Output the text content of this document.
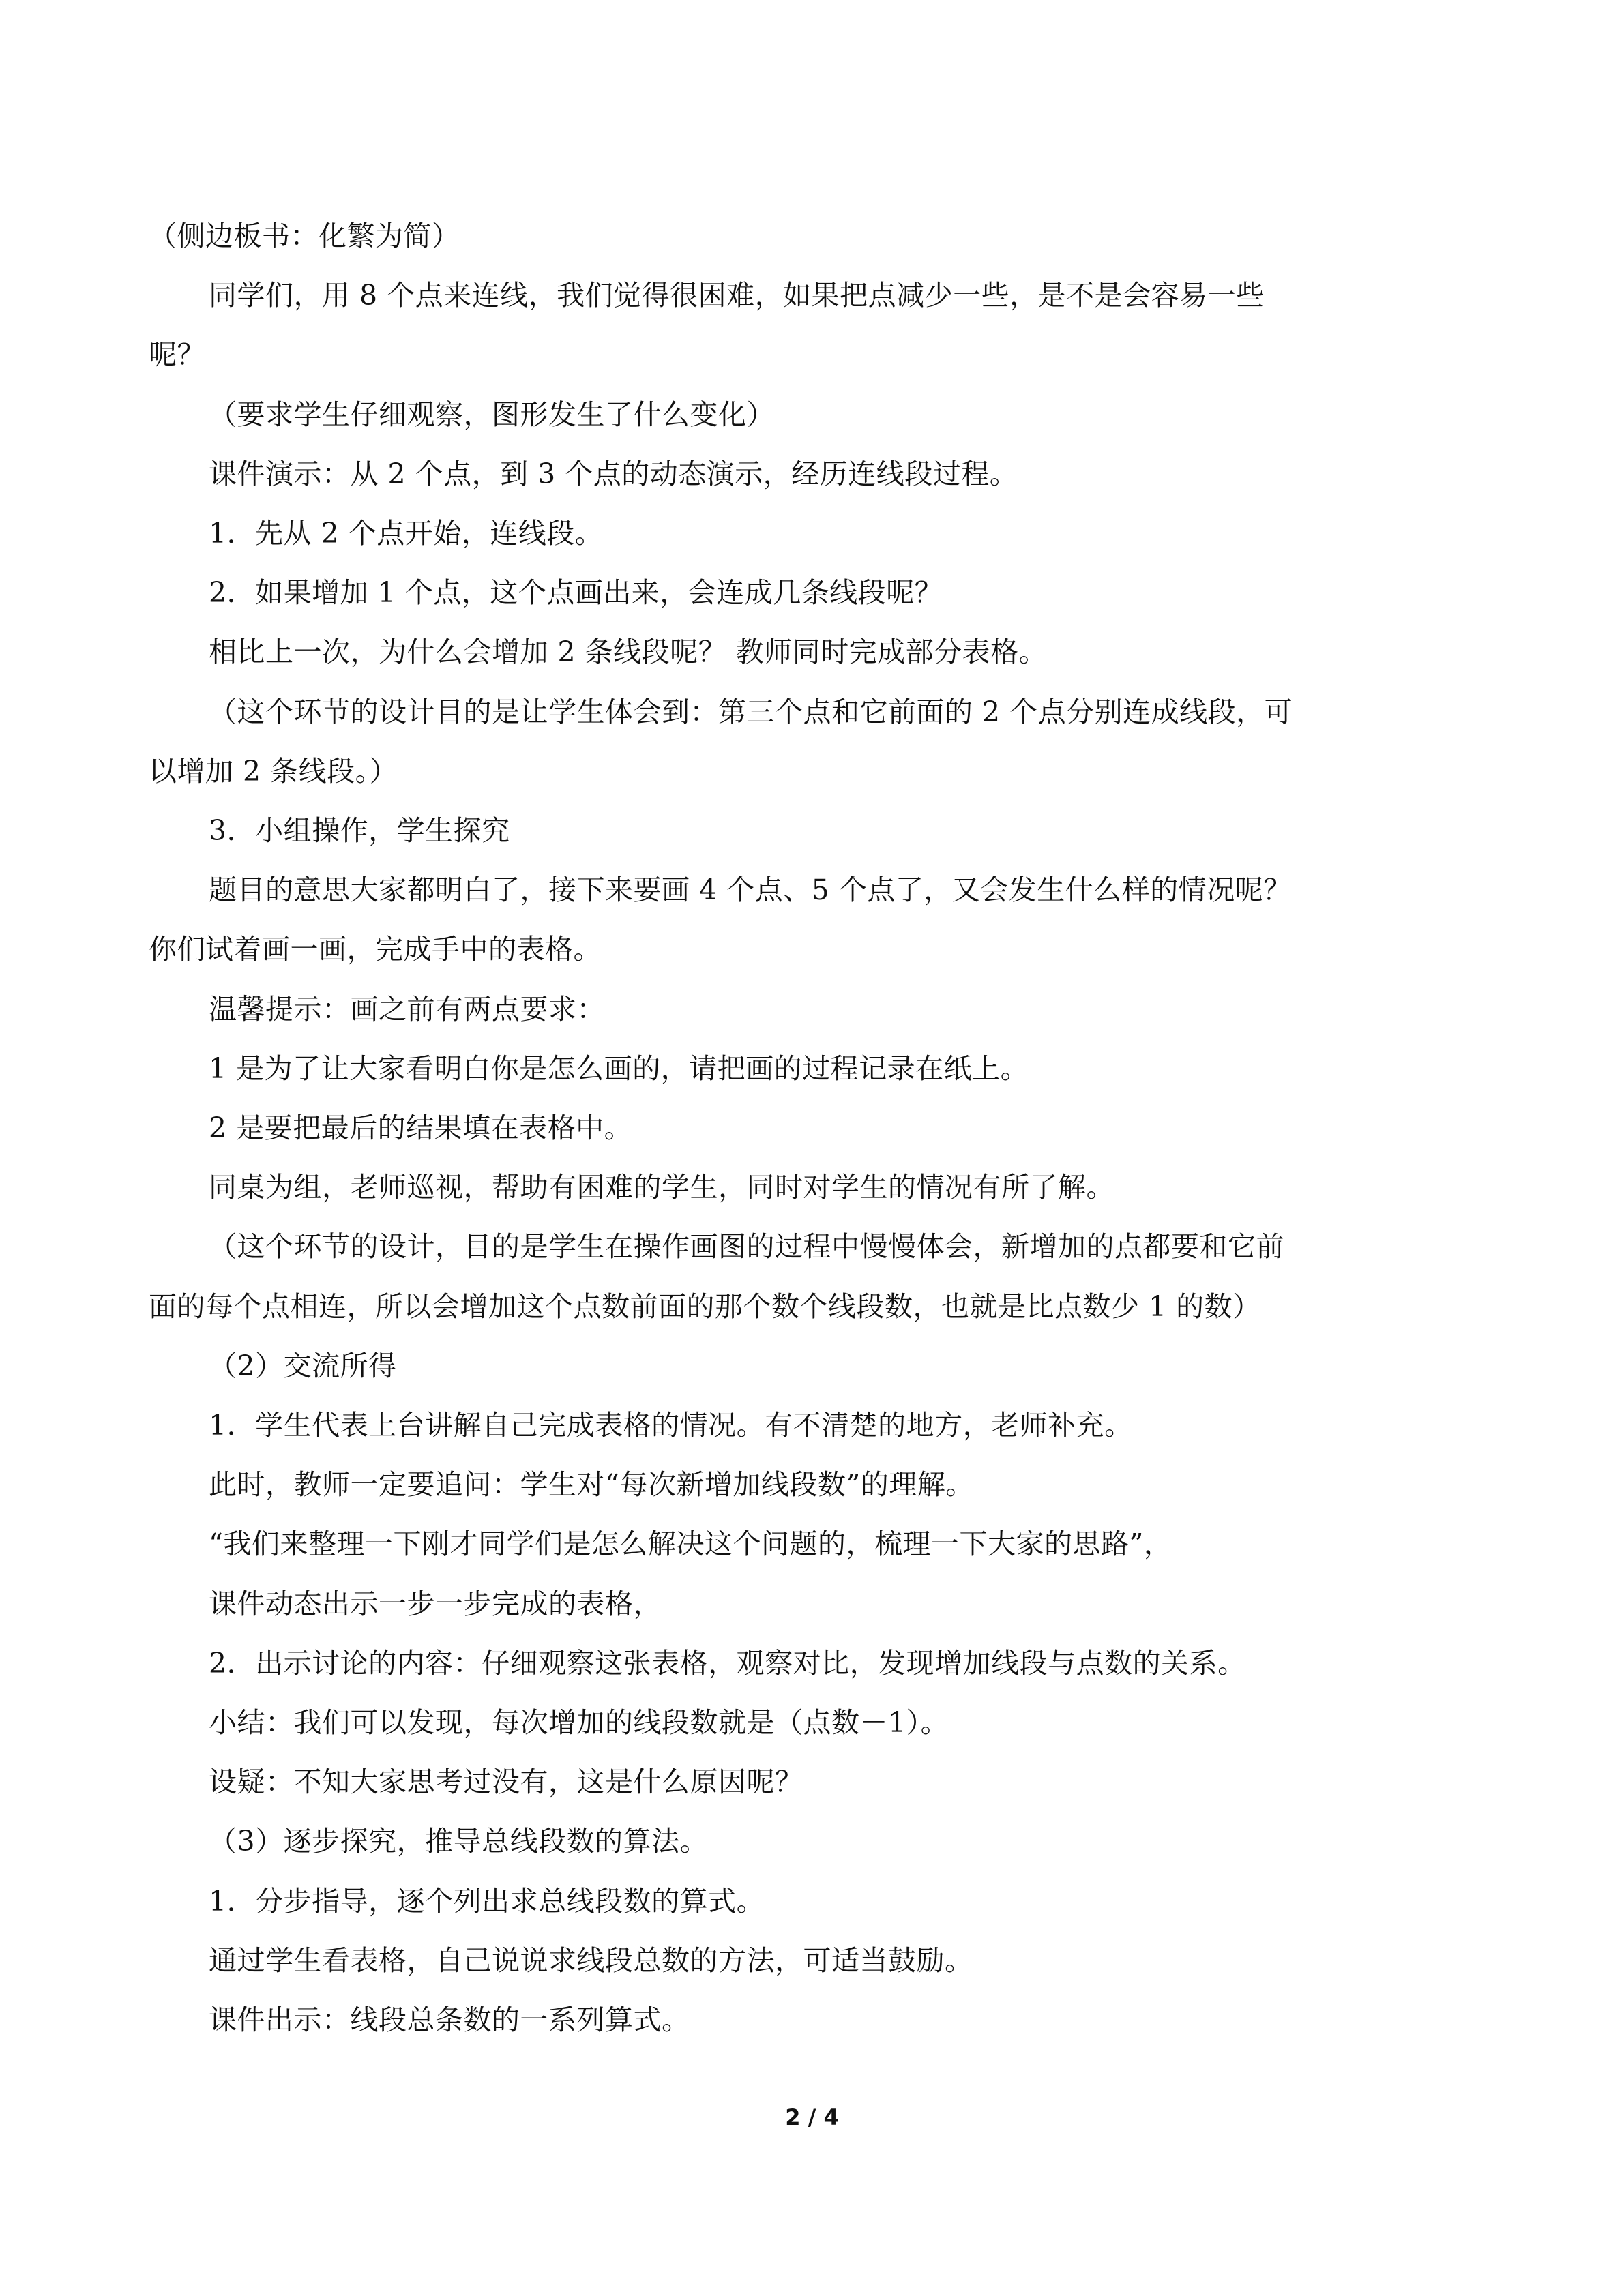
（侧边板书：化繁为简）
同学们，用 8 个点来连线，我们觉得很困难，如果把点减少一些，是不是会容易一些
呢？
（要求学生仔细观察，图形发生了什么变化）
课件演示：从 2 个点，到 3 个点的动态演示，经历连线段过程。
1．先从 2 个点开始，连线段。
2．如果增加 1 个点，这个点画出来，会连成几条线段呢？
相比上一次，为什么会增加 2 条线段呢？ 教师同时完成部分表格。
（这个环节的设计目的是让学生体会到：第三个点和它前面的 2 个点分别连成线段，可
以增加 2 条线段。）
3．小组操作，学生探究
题目的意思大家都明白了，接下来要画 4 个点、5 个点了，又会发生什么样的情况呢？
你们试着画一画，完成手中的表格。
温馨提示：画之前有两点要求：
1 是为了让大家看明白你是怎么画的，请把画的过程记录在纸上。
2 是要把最后的结果填在表格中。
同桌为组，老师巡视，帮助有困难的学生，同时对学生的情况有所了解。
（这个环节的设计，目的是学生在操作画图的过程中慢慢体会，新增加的点都要和它前
面的每个点相连，所以会增加这个点数前面的那个数个线段数，也就是比点数少 1 的数）
（2）交流所得
1．学生代表上台讲解自己完成表格的情况。有不清楚的地方，老师补充。
此时，教师一定要追问：学生对“每次新增加线段数”的理解。
“我们来整理一下刚才同学们是怎么解决这个问题的，梳理一下大家的思路”，
课件动态出示一步一步完成的表格，
2．出示讨论的内容：仔细观察这张表格，观察对比，发现增加线段与点数的关系。
小结：我们可以发现，每次增加的线段数就是（点数－1）。
设疑：不知大家思考过没有，这是什么原因呢？
（3）逐步探究，推导总线段数的算法。
1．分步指导，逐个列出求总线段数的算式。
通过学生看表格，自己说说求线段总数的方法，可适当鼓励。
课件出示：线段总条数的一系列算式。
2 / 4
